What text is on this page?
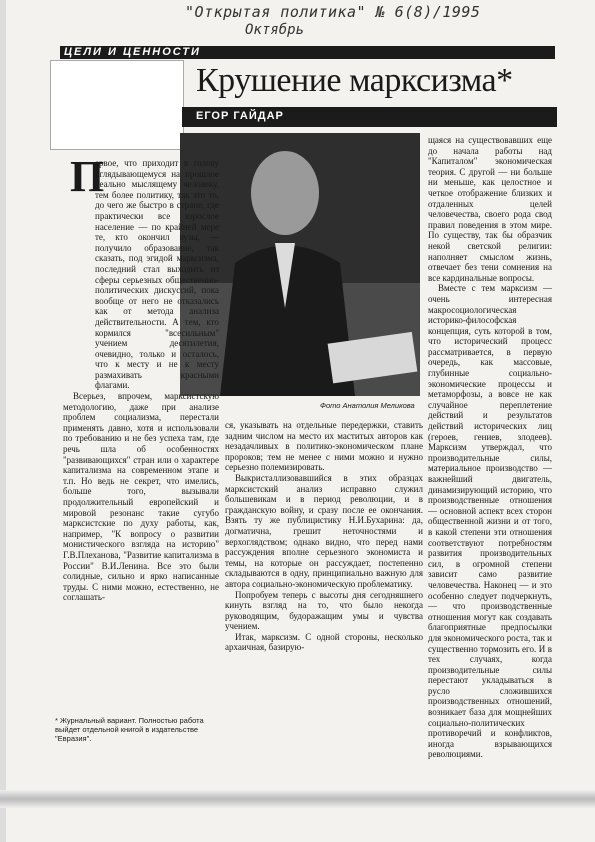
"Открытая политика" № 6(8)/1995
Октябрь
ЦЕЛИ И ЦЕННОСТИ
Крушение марксизма*
ЕГОР ГАЙДАР
Фото Анатолия Меликова
П

ервое, что приходит в голову оглядывающемуся на прошлое реально мыслящему человеку, тем более политику, так это то, до чего же быстро в стране, где практически все взрослое население — по крайней мере те, кто окончил вузы, — получило образование, так сказать, под эгидой марксизма, последний стал выходить из сферы серьезных общественно-политических дискуссий, пока вообще от него не отказались как от метода анализа действительности. А тем, кто кормился "всесильным" учением десятилетия, очевидно, только и осталось, что к месту и не к месту размахивать красными флагами.

Всерьез, впрочем, марксистскую методологию, даже при анализе проблем социализма, перестали применять давно, хотя и использовали по требованию и не без успеха там, где речь шла об особенностях "развивающихся" стран или о характере капитализма на современном этапе и т.п. Но ведь не секрет, что имелись, больше того, вызывали продолжительный европейский и мировой резонанс такие сугубо марксистские по духу работы, как, например, "К вопросу о развитии монистического взгляда на историю" Г.В.Плеханова, "Развитие капитализма в России" В.И.Ленина. Все это были солидные, сильно и ярко написанные труды. С ними можно, естественно, не соглашать-

ся, указывать на отдельные передержки, ставить задним числом на место их маститых авторов как незадачливых в политико-экономическом плане пророков; тем не менее с ними можно и нужно серьезно полемизировать.

Выкристаллизовавшийся в этих образцах марксистский анализ исправно служил большевикам и в период революции, и в гражданскую войну, и сразу после ее окончания. Взять ту же публицистику Н.И.Бухарина: да, догматична, грешит неточностями и верхоглядством; однако видно, что перед нами рассуждения вполне серьезного экономиста и темы, на которые он рассуждает, постепенно складываются в одну, принципиально важную для автора социально-экономическую проблематику.

Попробуем теперь с высоты дня сегодняшнего кинуть взгляд на то, что было некогда руководящим, будоражащим умы и чувства учением.

Итак, марксизм. С одной стороны, несколько архаичная, базирую-

щаяся на существовавших еще до начала работы над "Капиталом" экономическая теория. С другой — ни больше ни меньше, как целостное и четкое отображение близких и отдаленных целей человечества, своего рода свод правил поведения в этом мире. По существу, так бы образчик некой светской религии: наполняет смыслом жизнь, отвечает без тени сомнения на все кардинальные вопросы.

Вместе с тем марксизм — очень интересная макросоциологическая историко-философская концепция, суть которой в том, что исторический процесс рассматривается, в первую очередь, как массовые, глубинные социально-экономические процессы и метаморфозы, а вовсе не как случайное переплетение действий и результатов действий исторических лиц (героев, гениев, злодеев). Марксизм утверждал, что производительные силы, материальное производство — важнейший двигатель, динамизирующий историю, что производственные отношения — основной аспект всех сторон общественной жизни и от того, в какой степени эти отношения соответствуют потребностям развития производительных сил, в огромной степени зависит само развитие человечества. Наконец — и это особенно следует подчеркнуть, — что производственные отношения могут как создавать благоприятные предпосылки для экономического роста, так и существенно тормозить его. И в тех случаях, когда производительные силы перестают укладываться в русло сложившихся производственных отношений, возникает база для мощнейших социально-политических противоречий и конфликтов, иногда взрывающихся революциями.

* Журнальный вариант. Полностью работа выйдет отдельной книгой в издательстве "Евразия".
